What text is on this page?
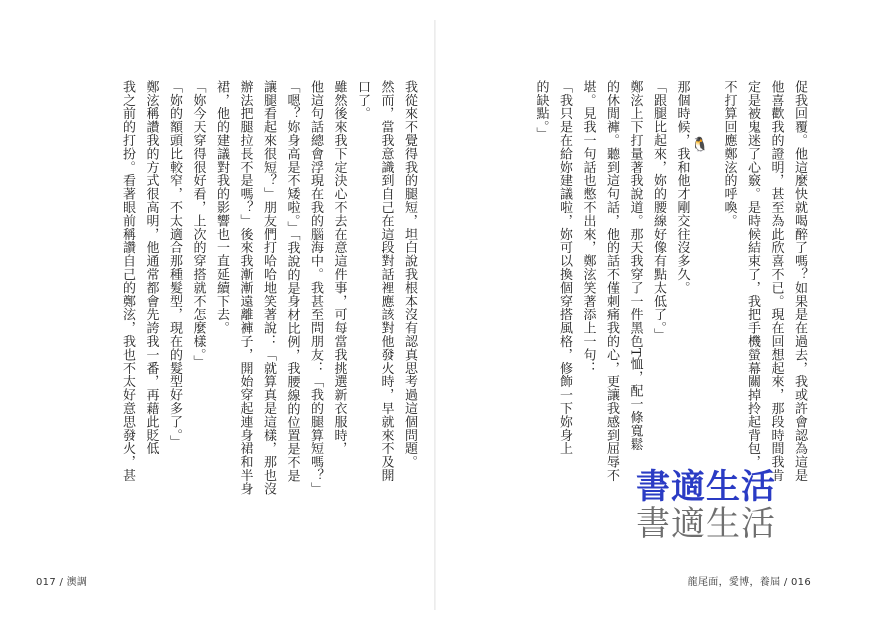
促我回覆。他這麼快就喝醉了嗎？如果是在過去，我或許會認為這是

他喜歡我的證明，甚至為此欣喜不已。現在回想起來，那段時間我肯

定是被鬼迷了心竅。是時候結束了，我把手機螢幕關掉拎起背包，

不打算回應鄭泫的呼喚。

那個時候，我和他才剛交往沒多久。

「跟腿比起來，妳的腰線好像有點太低了。」

鄭泫上下打量著我說道。那天我穿了一件黑色T恤，配一條寬鬆

的休閒褲。聽到這句話，他的話不僅刺痛我的心，更讓我感到屈辱不

堪。見我一句話也憋不出來，鄭泫笑著添上一句：

「我只是在給妳建議啦，妳可以換個穿搭風格，修飾一下妳身上

的缺點。」

🐧

我從來不覺得我的腿短，坦白說我根本沒有認真思考過這個問題。

然而，當我意識到自己在這段對話裡應該對他發火時，早就來不及開

口了。

雖然後來我下定決心不去在意這件事，可每當我挑選新衣服時，

他這句話總會浮現在我的腦海中。我甚至問朋友：「我的腿算短嗎？」

「嗯？妳身高是不矮啦。」「我說的是身材比例，我腰線的位置是不是

讓腿看起來很短？」朋友們打哈哈地笑著說：「就算真是這樣，那也沒

辦法把腿拉長不是嗎？」後來我漸漸遠離褲子，開始穿起連身裙和半身

裙，他的建議對我的影響也一直延續下去。

「妳今天穿得很好看，上次的穿搭就不怎麼樣。」

「妳的額頭比較窄，不太適合那種髮型，現在的髮型好多了。」

鄭泫稱讚我的方式很高明，他通常都會先誇我一番，再藉此貶低

我之前的打扮。看著眼前稱讚自己的鄭泫，我也不太好意思發火，甚

017 / 澳調	龍尾面，愛博，養屆 / 016
書適生活
書適生活
